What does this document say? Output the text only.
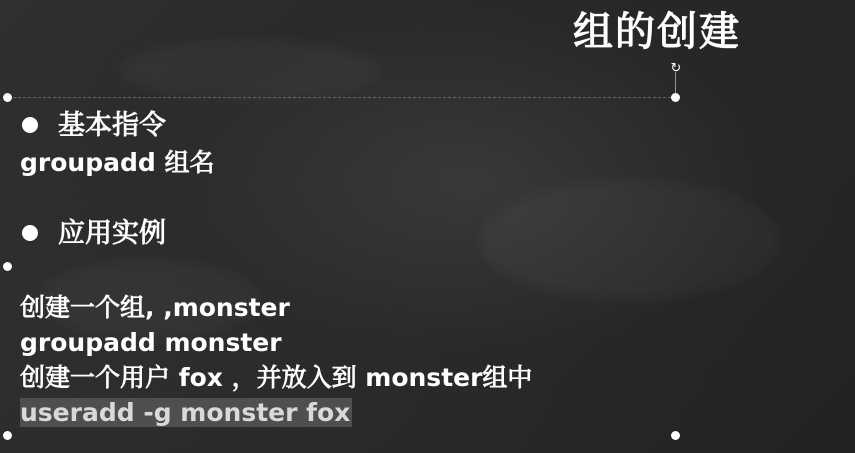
组的创建
↻
基本指令
groupadd 组名
应用实例
创建一个组, ,monster
groupadd monster
创建一个用户 fox ，并放入到 monster组中
useradd -g monster fox
